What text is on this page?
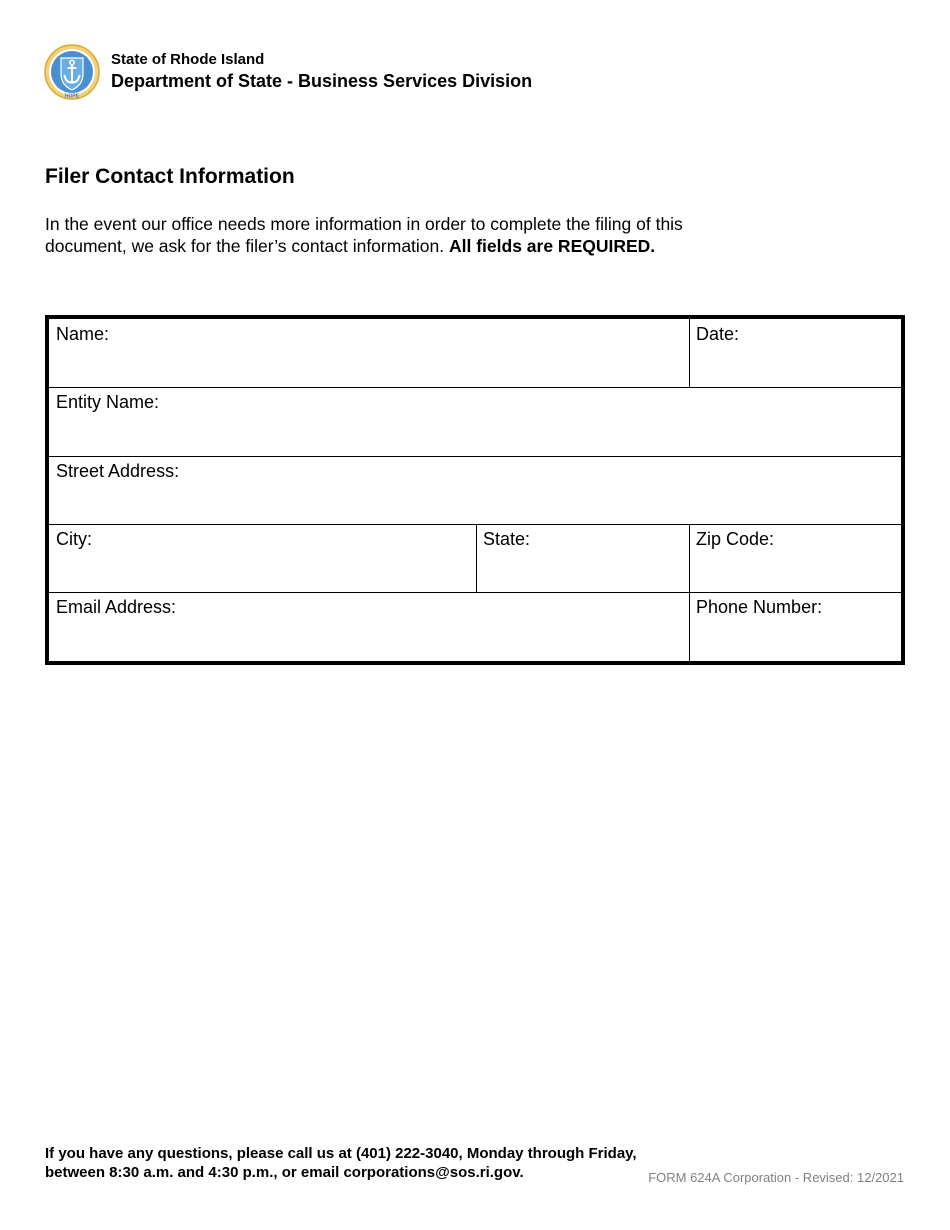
HOPE
State of Rhode Island
Department of State - Business Services Division
Filer Contact Information

In the event our office needs more information in order to complete the filing of this document, we ask for the filer’s contact information. All fields are REQUIRED.

Name:	Date:
Entity Name:
Street Address:
City:	State:	Zip Code:
Email Address:	Phone Number:

If you have any questions, please call us at (401) 222-3040, Monday through Friday, between 8:30 a.m. and 4:30 p.m., or email corporations@sos.ri.gov.	FORM 624A Corporation - Revised: 12/2021
